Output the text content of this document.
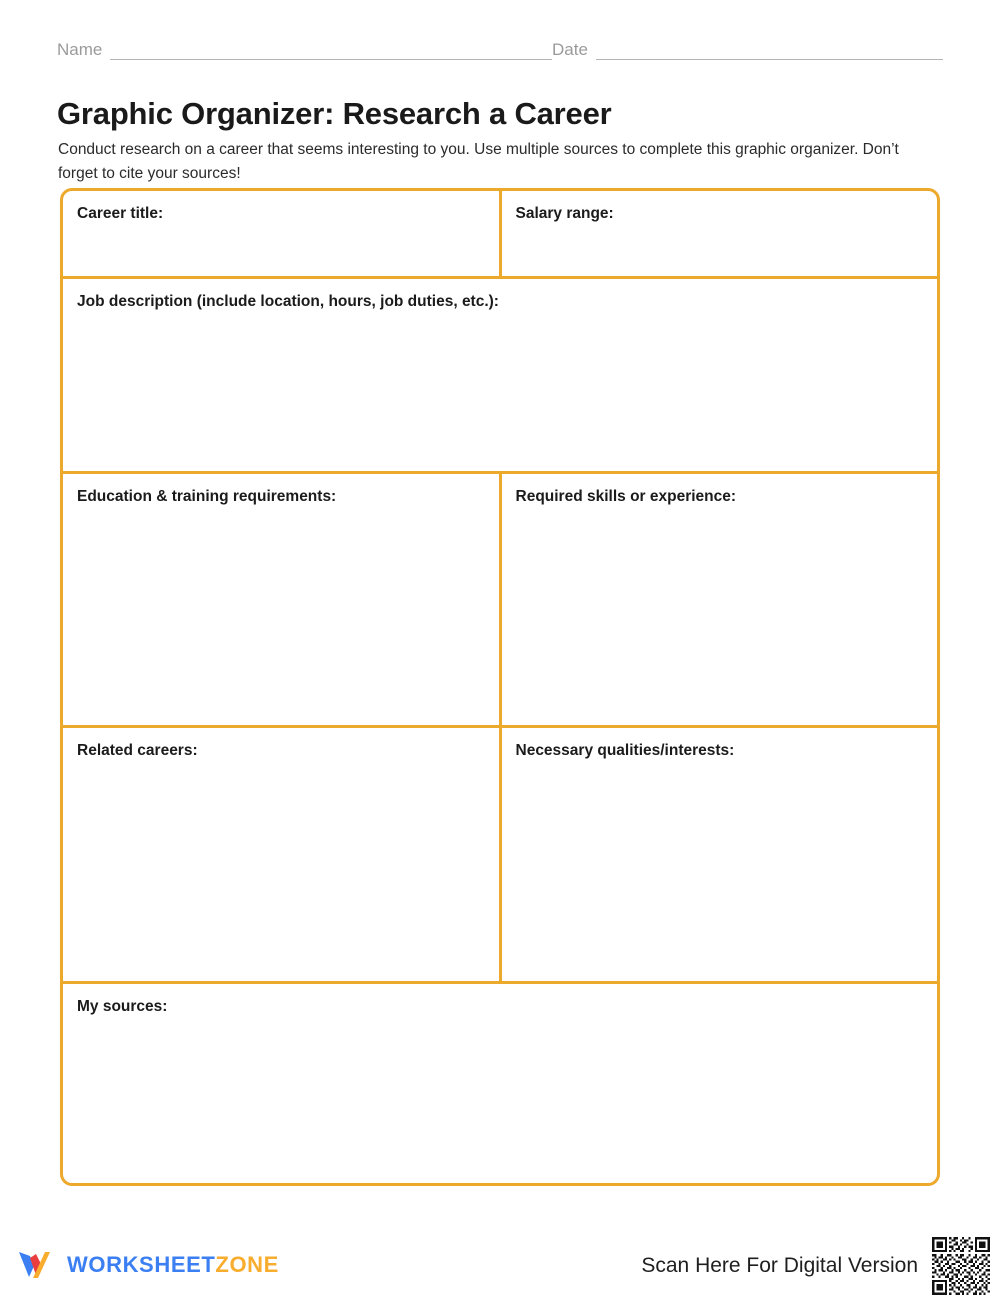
Name	Date
Graphic Organizer: Research a Career

Conduct research on a career that seems interesting to you. Use multiple sources to complete this graphic organizer. Don’t forget to cite your sources!

Career title:	Salary range:
Job description (include location, hours, job duties, etc.):
Education & training requirements:	Required skills or experience:
Related careers:	Necessary qualities/interests:
My sources:
WORKSHEETZONE	Scan Here For Digital Version
